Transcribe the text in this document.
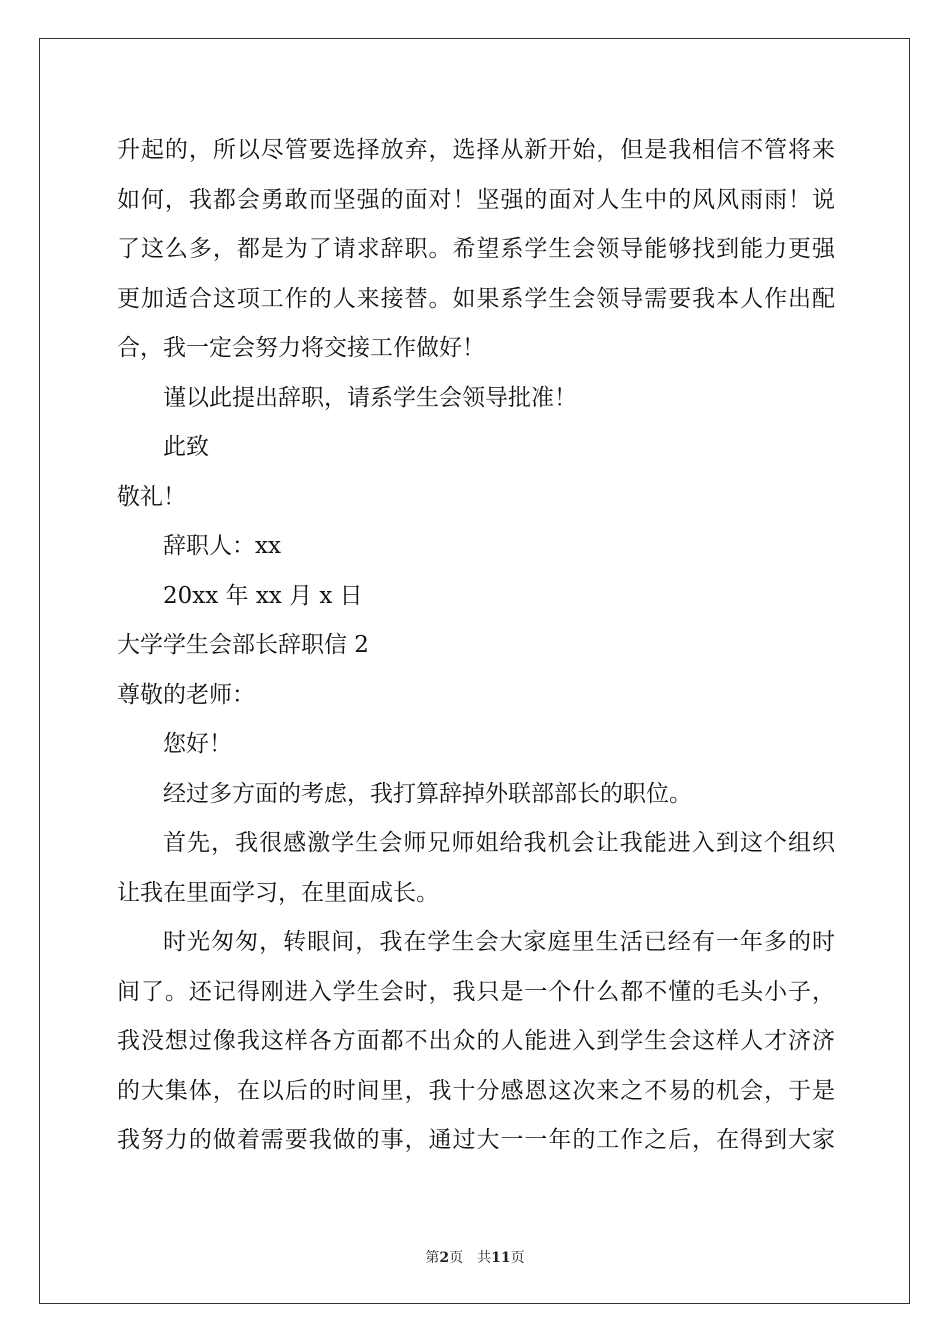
升起的，所以尽管要选择放弃，选择从新开始，但是我相信不管将来
如何，我都会勇敢而坚强的面对！坚强的面对人生中的风风雨雨！说
了这么多，都是为了请求辞职。希望系学生会领导能够找到能力更强
更加适合这项工作的人来接替。如果系学生会领导需要我本人作出配
合，我一定会努力将交接工作做好！
谨以此提出辞职，请系学生会领导批准！
此致
敬礼！
辞职人：xx
20xx 年 xx 月 x 日
大学学生会部长辞职信 2
尊敬的老师：
您好！
经过多方面的考虑，我打算辞掉外联部部长的职位。
首先，我很感激学生会师兄师姐给我机会让我能进入到这个组织
让我在里面学习，在里面成长。
时光匆匆，转眼间，我在学生会大家庭里生活已经有一年多的时
间了。还记得刚进入学生会时，我只是一个什么都不懂的毛头小子，
我没想过像我这样各方面都不出众的人能进入到学生会这样人才济济
的大集体，在以后的时间里，我十分感恩这次来之不易的机会，于是
我努力的做着需要我做的事，通过大一一年的工作之后，在得到大家
第2页 共11页
